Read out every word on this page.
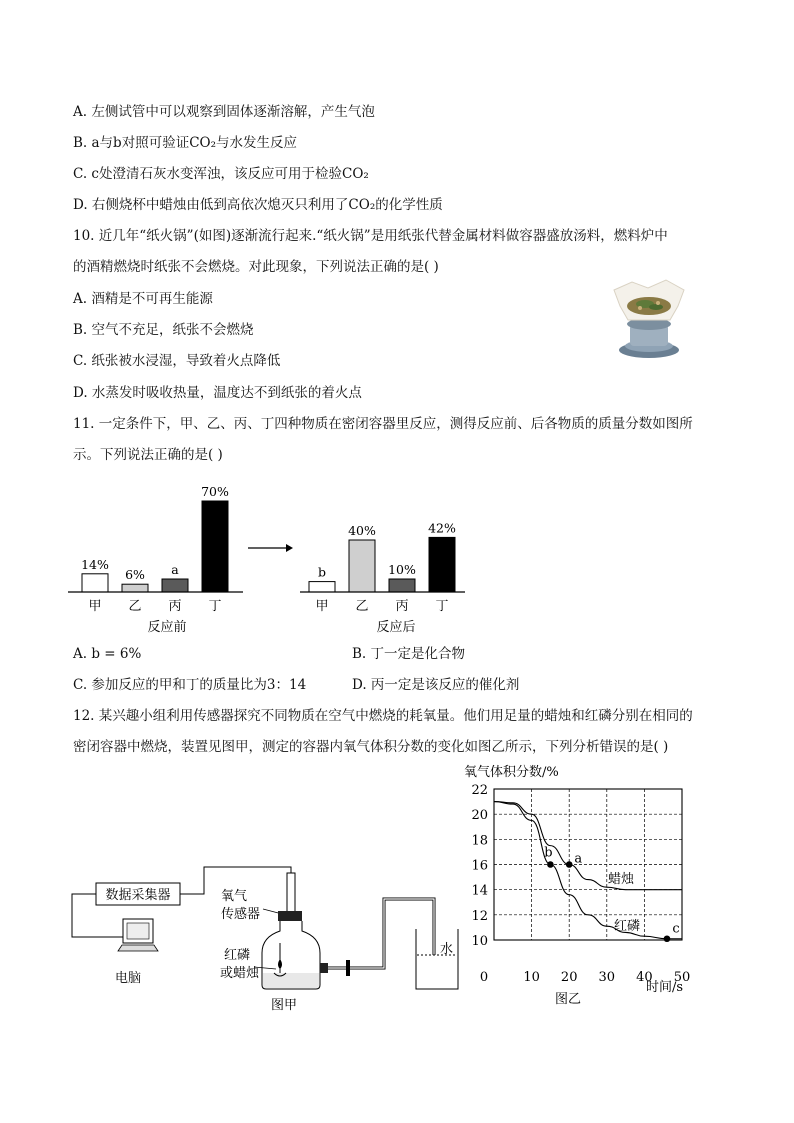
A. 左侧试管中可以观察到固体逐渐溶解，产生气泡
B. a与b对照可验证CO₂与水发生反应
C. c处澄清石灰水变浑浊，该反应可用于检验CO₂
D. 右侧烧杯中蜡烛由低到高依次熄灭只利用了CO₂的化学性质
10. 近几年“纸火锅”(如图)逐渐流行起来.“纸火锅”是用纸张代替金属材料做容器盛放汤料，燃料炉中
的酒精燃烧时纸张不会燃烧。对此现象，下列说法正确的是( )
A. 酒精是不可再生能源
B. 空气不充足，纸张不会燃烧
C. 纸张被水浸湿，导致着火点降低
D. 水蒸发时吸收热量，温度达不到纸张的着火点
11. 一定条件下，甲、乙、丙、丁四种物质在密闭容器里反应，测得反应前、后各物质的质量分数如图所
示。下列说法正确的是( )
14%
甲
6%
乙
a
丙
70%
丁
b
甲
40%
乙
10%
丙
42%
丁
反应前	反应后
A. b = 6%	B. 丁一定是化合物
C. 参加反应的甲和丁的质量比为3：14	D. 丙一定是该反应的催化剂
12. 某兴趣小组利用传感器探究不同物质在空气中燃烧的耗氧量。他们用足量的蜡烛和红磷分别在相同的
密闭容器中燃烧，装置见图甲，测定的容器内氧气体积分数的变化如图乙所示，下列分析错误的是( )
数据采集器
电脑
氧气
传感器
红磷
或蜡烛
水
图甲
氧气体积分数/%
12
14
16
18
20
22
10 20 30 40 50
0
10
a
b
c
蜡烛
红磷
图乙
时间/s
